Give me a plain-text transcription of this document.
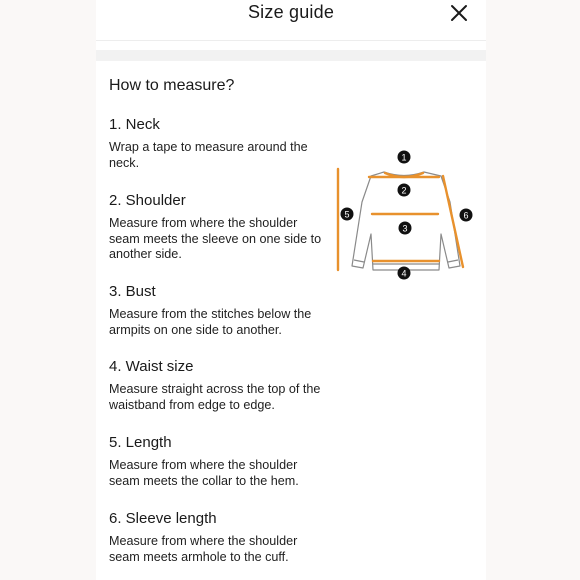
Size guide
How to measure?

1. Neck

Wrap a tape to measure around the neck.

2. Shoulder

Measure from where the shoulder seam meets the sleeve on one side to another side.

3. Bust

Measure from the stitches below the armpits on one side to another.

4. Waist size

Measure straight across the top of the waistband from edge to edge.

5. Length

Measure from where the shoulder seam meets the collar to the hem.

6. Sleeve length

Measure from where the shoulder seam meets armhole to the cuff.

1
2
3
4
5	6
